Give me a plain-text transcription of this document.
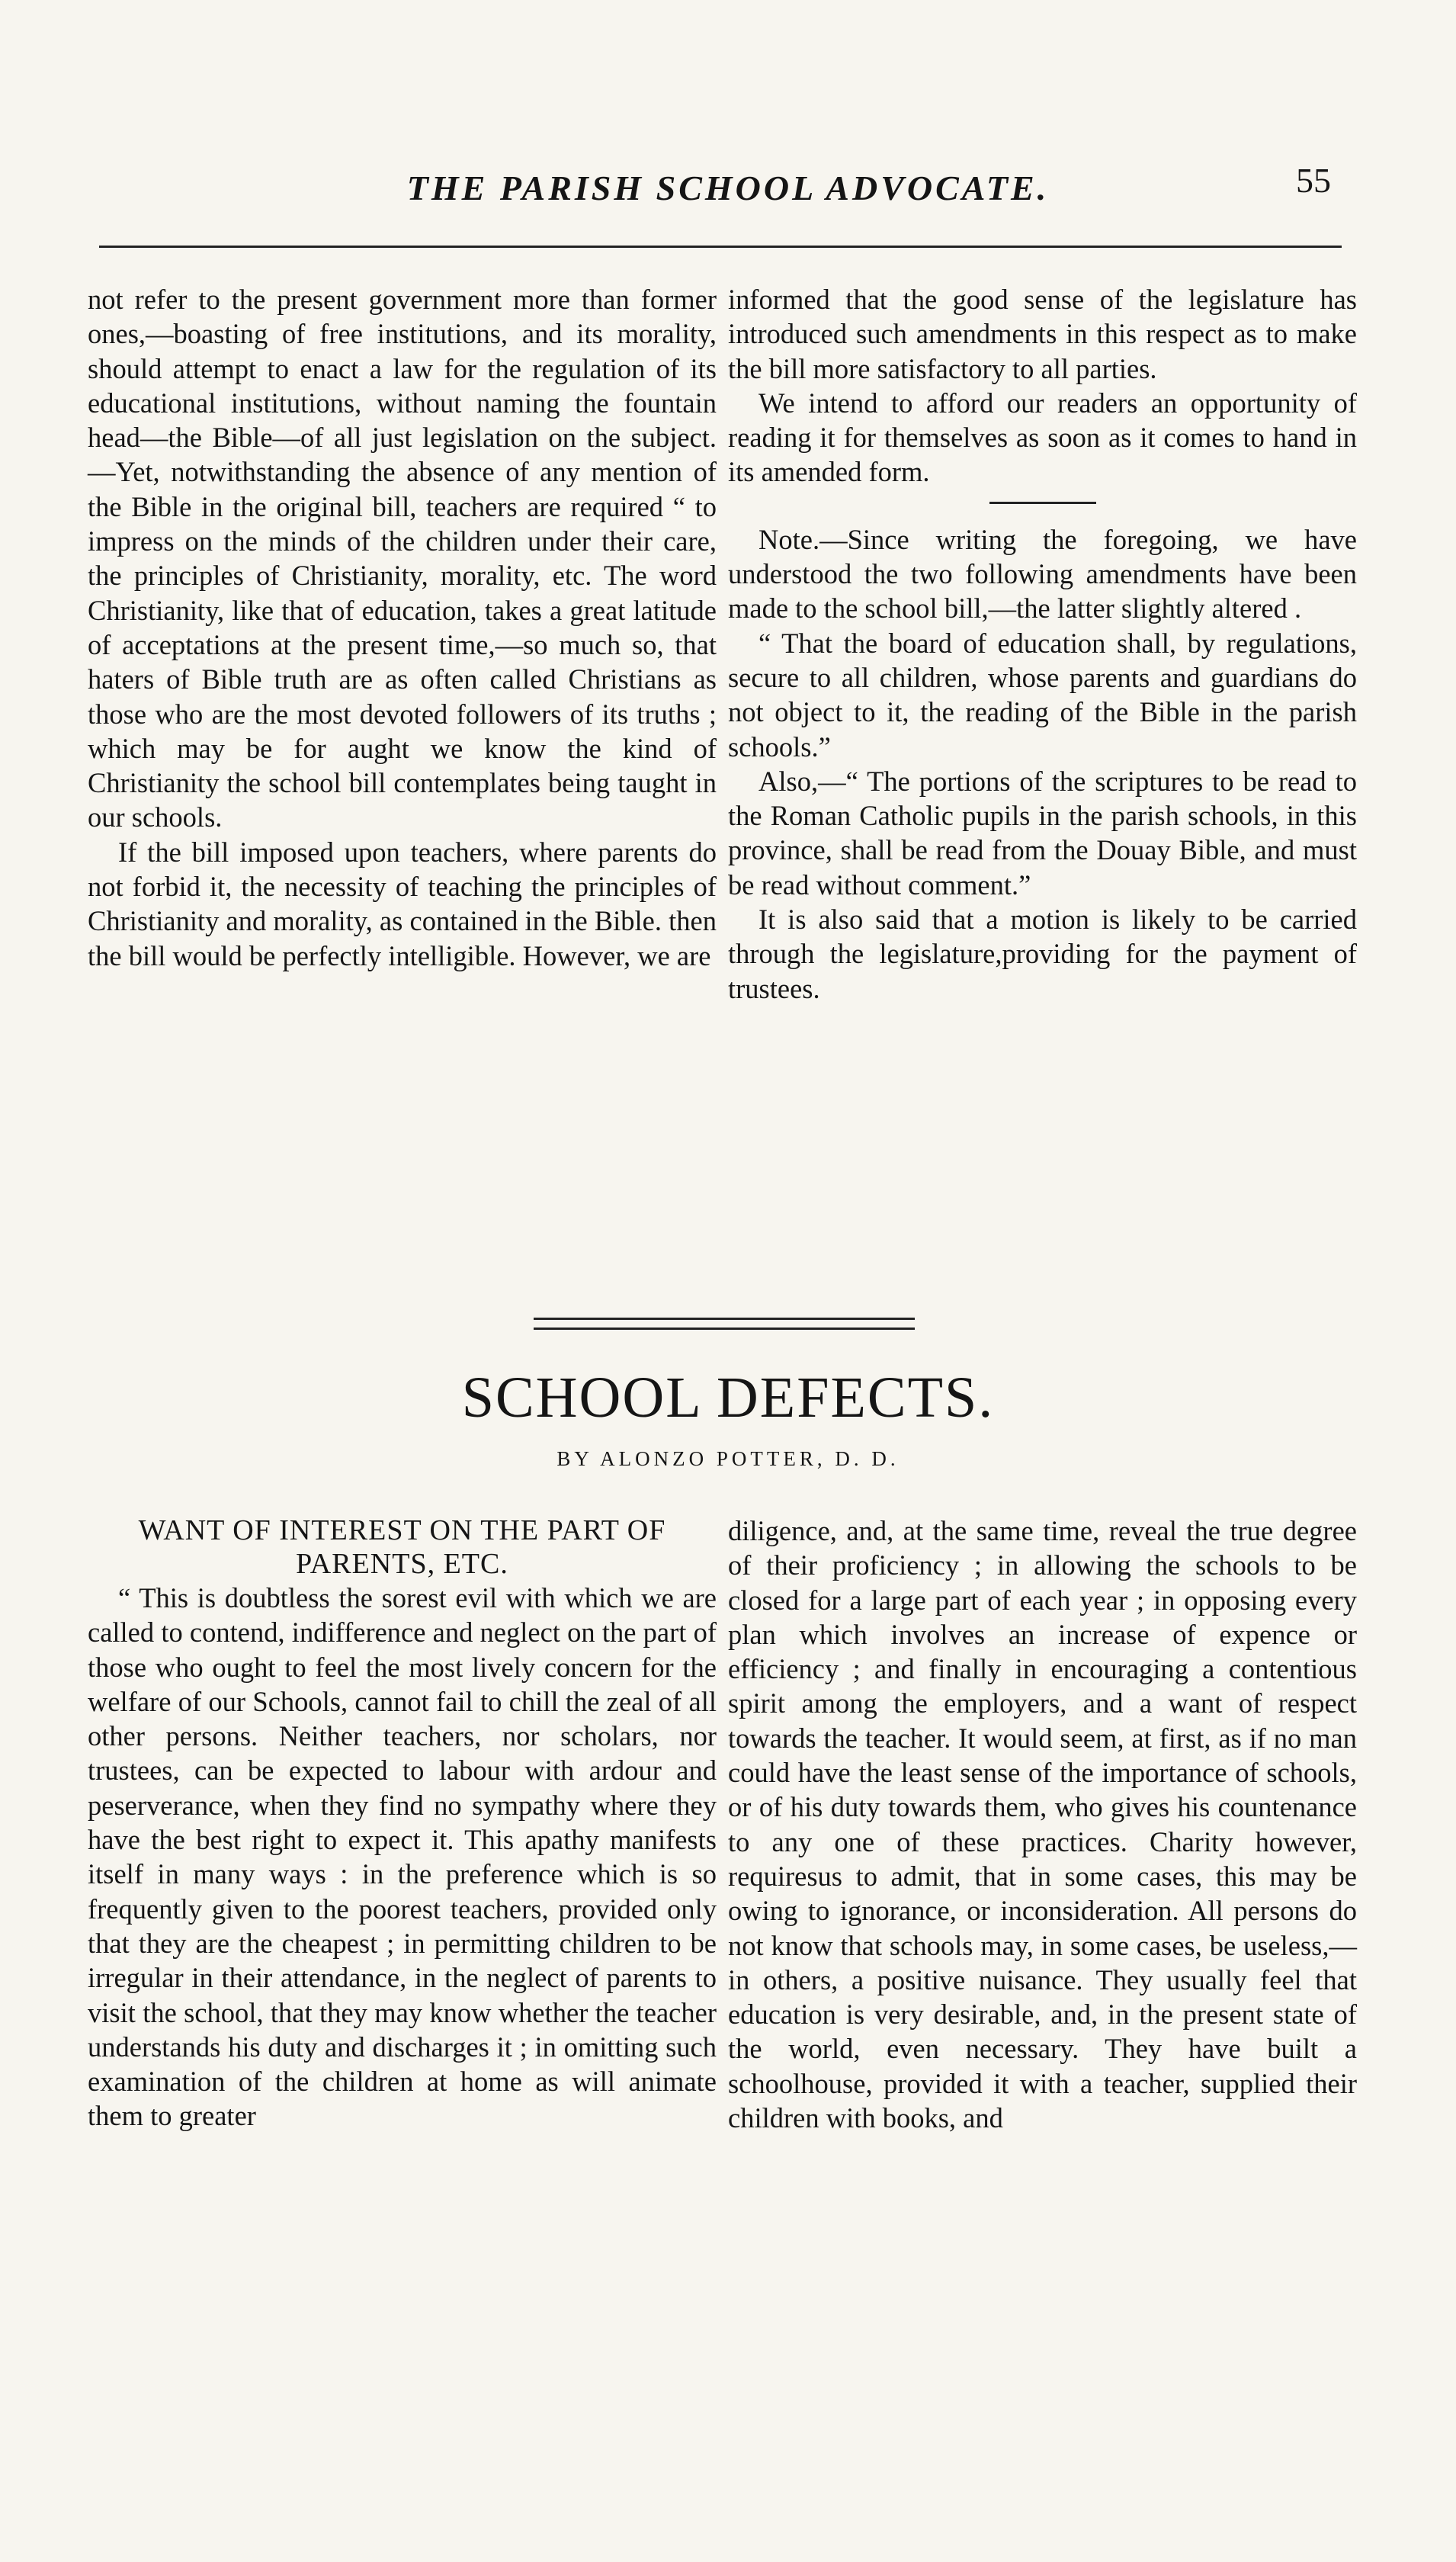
THE PARISH SCHOOL ADVOCATE.	55

not refer to the present government more than former ones,—boasting of free institutions, and its morality, should attempt to enact a law for the regulation of its educational institutions, without naming the fountain head—the Bible—of all just legislation on the subject.—Yet, notwithstanding the absence of any mention of the Bible in the original bill, teachers are required “ to impress on the minds of the children under their care, the principles of Christianity, morality, etc. The word Christianity, like that of education, takes a great latitude of acceptations at the present time,—so much so, that haters of Bible truth are as often called Christians as those who are the most devoted followers of its truths ; which may be for aught we know the kind of Christianity the school bill contemplates being taught in our schools.

If the bill imposed upon teachers, where parents do not forbid it, the necessity of teaching the principles of Christianity and morality, as contained in the Bible. then the bill would be perfectly intelligible. However, we are

informed that the good sense of the legislature has introduced such amendments in this respect as to make the bill more satisfactory to all parties.

We intend to afford our readers an opportunity of reading it for themselves as soon as it comes to hand in its amended form.

Note.—Since writing the foregoing, we have understood the two following amendments have been made to the school bill,—the latter slightly altered .

“ That the board of education shall, by regulations, secure to all children, whose parents and guardians do not object to it, the reading of the Bible in the parish schools.”

Also,—“ The portions of the scriptures to be read to the Roman Catholic pupils in the parish schools, in this province, shall be read from the Douay Bible, and must be read without comment.”

It is also said that a motion is likely to be carried through the legislature,providing for the payment of trustees.

SCHOOL DEFECTS.
BY ALONZO POTTER, D. D.

WANT OF INTEREST ON THE PART OF PARENTS, ETC.

“ This is doubtless the sorest evil with which we are called to contend, indifference and neglect on the part of those who ought to feel the most lively concern for the welfare of our Schools, cannot fail to chill the zeal of all other persons. Neither teachers, nor scholars, nor trustees, can be expected to labour with ardour and peserverance, when they find no sympathy where they have the best right to expect it. This apathy manifests itself in many ways : in the preference which is so frequently given to the poorest teachers, provided only that they are the cheapest ; in permitting children to be irregular in their attendance, in the neglect of parents to visit the school, that they may know whether the teacher understands his duty and discharges it ; in omitting such examination of the children at home as will animate them to greater

diligence, and, at the same time, reveal the true degree of their proficiency ; in allowing the schools to be closed for a large part of each year ; in opposing every plan which involves an increase of expence or efficiency ; and finally in encouraging a contentious spirit among the employers, and a want of respect towards the teacher. It would seem, at first, as if no man could have the least sense of the importance of schools, or of his duty towards them, who gives his countenance to any one of these practices. Charity however, requiresus to admit, that in some cases, this may be owing to ignorance, or inconsideration. All persons do not know that schools may, in some cases, be useless,—in others, a positive nuisance. They usually feel that education is very desirable, and, in the present state of the world, even necessary. They have built a schoolhouse, provided it with a teacher, supplied their children with books, and
